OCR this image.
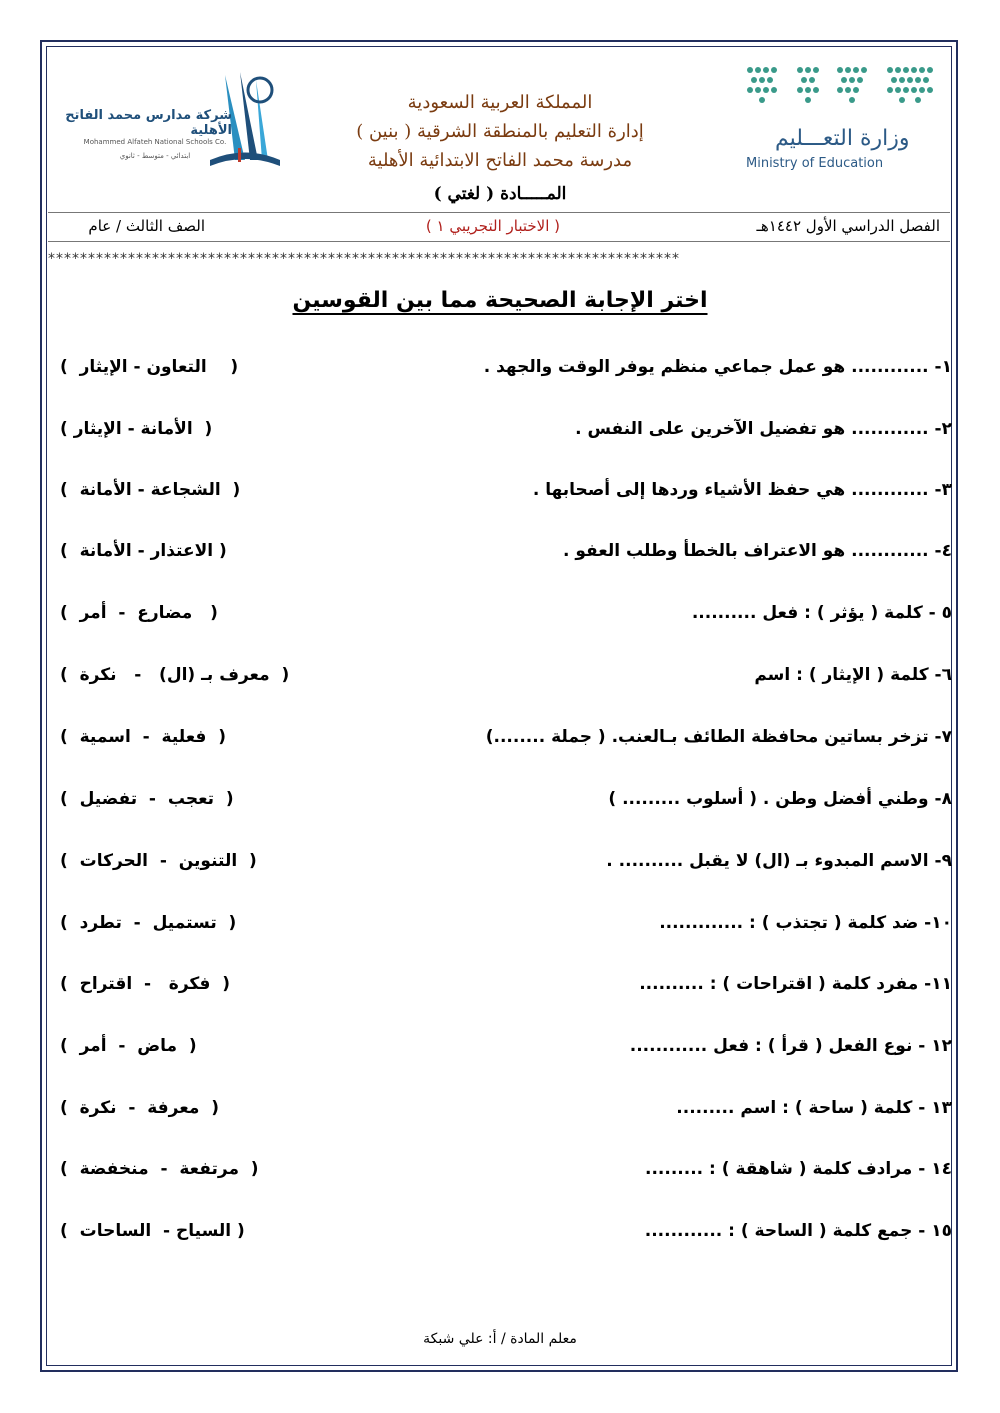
وزارة التعـــليم
Ministry of Education
شركة مدارس محمد الفاتح الأهلية
Mohammed Alfateh National Schools Co.
ابتدائي - متوسط - ثانوي
المملكة العربية السعودية
إدارة التعليم بالمنطقة الشرقية ( بنين )
مدرسة محمد الفاتح الابتدائية الأهلية
المـــــادة ( لغتي )
الفصل الدراسي الأول ١٤٤٢هـ
( الاختبار التجريبي ١ )
الصف الثالث / عام
*******************************************************************************
اختر الإجابة الصحيحة مما بين القوسين
١- ............ هو عمل جماعي منظم يوفر الوقت والجهد .
(    التعاون - الإيثار  )
٢- ............ هو تفضيل الآخرين على النفس .
(  الأمانة - الإيثار )
٣- ............ هي حفظ الأشياء وردها إلى أصحابها .
(  الشجاعة - الأمانة  )
٤- ............ هو الاعتراف بالخطأ وطلب العفو .
( الاعتذار - الأمانة  )
٥ - كلمة ( يؤثر ) : فعل ..........
(   مضارع  -  أمر  )
٦- كلمة ( الإيثار ) : اسم
(  معرف بـ (ال)   -   نكرة  )
٧- تزخر بساتين محافظة الطائف بـالعنب. ( جملة ........)
(  فعلية  -  اسمية  )
٨- وطني أفضل وطن . ( أسلوب ......... )
(  تعجب  -  تفضيل  )
٩- الاسم المبدوء بـ (ال) لا يقبل .......... .
(  التنوين  -  الحركات  )
١٠- ضد كلمة ( تجتذب ) : .............
(  تستميل  -  تطرد  )
١١- مفرد كلمة ( اقتراحات ) : ..........
(  فكرة   -  اقتراح  )
١٢ - نوع الفعل ( قرأ ) : فعل ............
(  ماض  -  أمر  )
١٣ - كلمة ( ساحة ) : اسم .........
(  معرفة  -  نكرة  )
١٤ - مرادف كلمة ( شاهقة ) : .........
(  مرتفعة  -  منخفضة  )
١٥ - جمع كلمة ( الساحة ) : ............
( السياح -  الساحات  )
معلم المادة / أ: علي شبكة
